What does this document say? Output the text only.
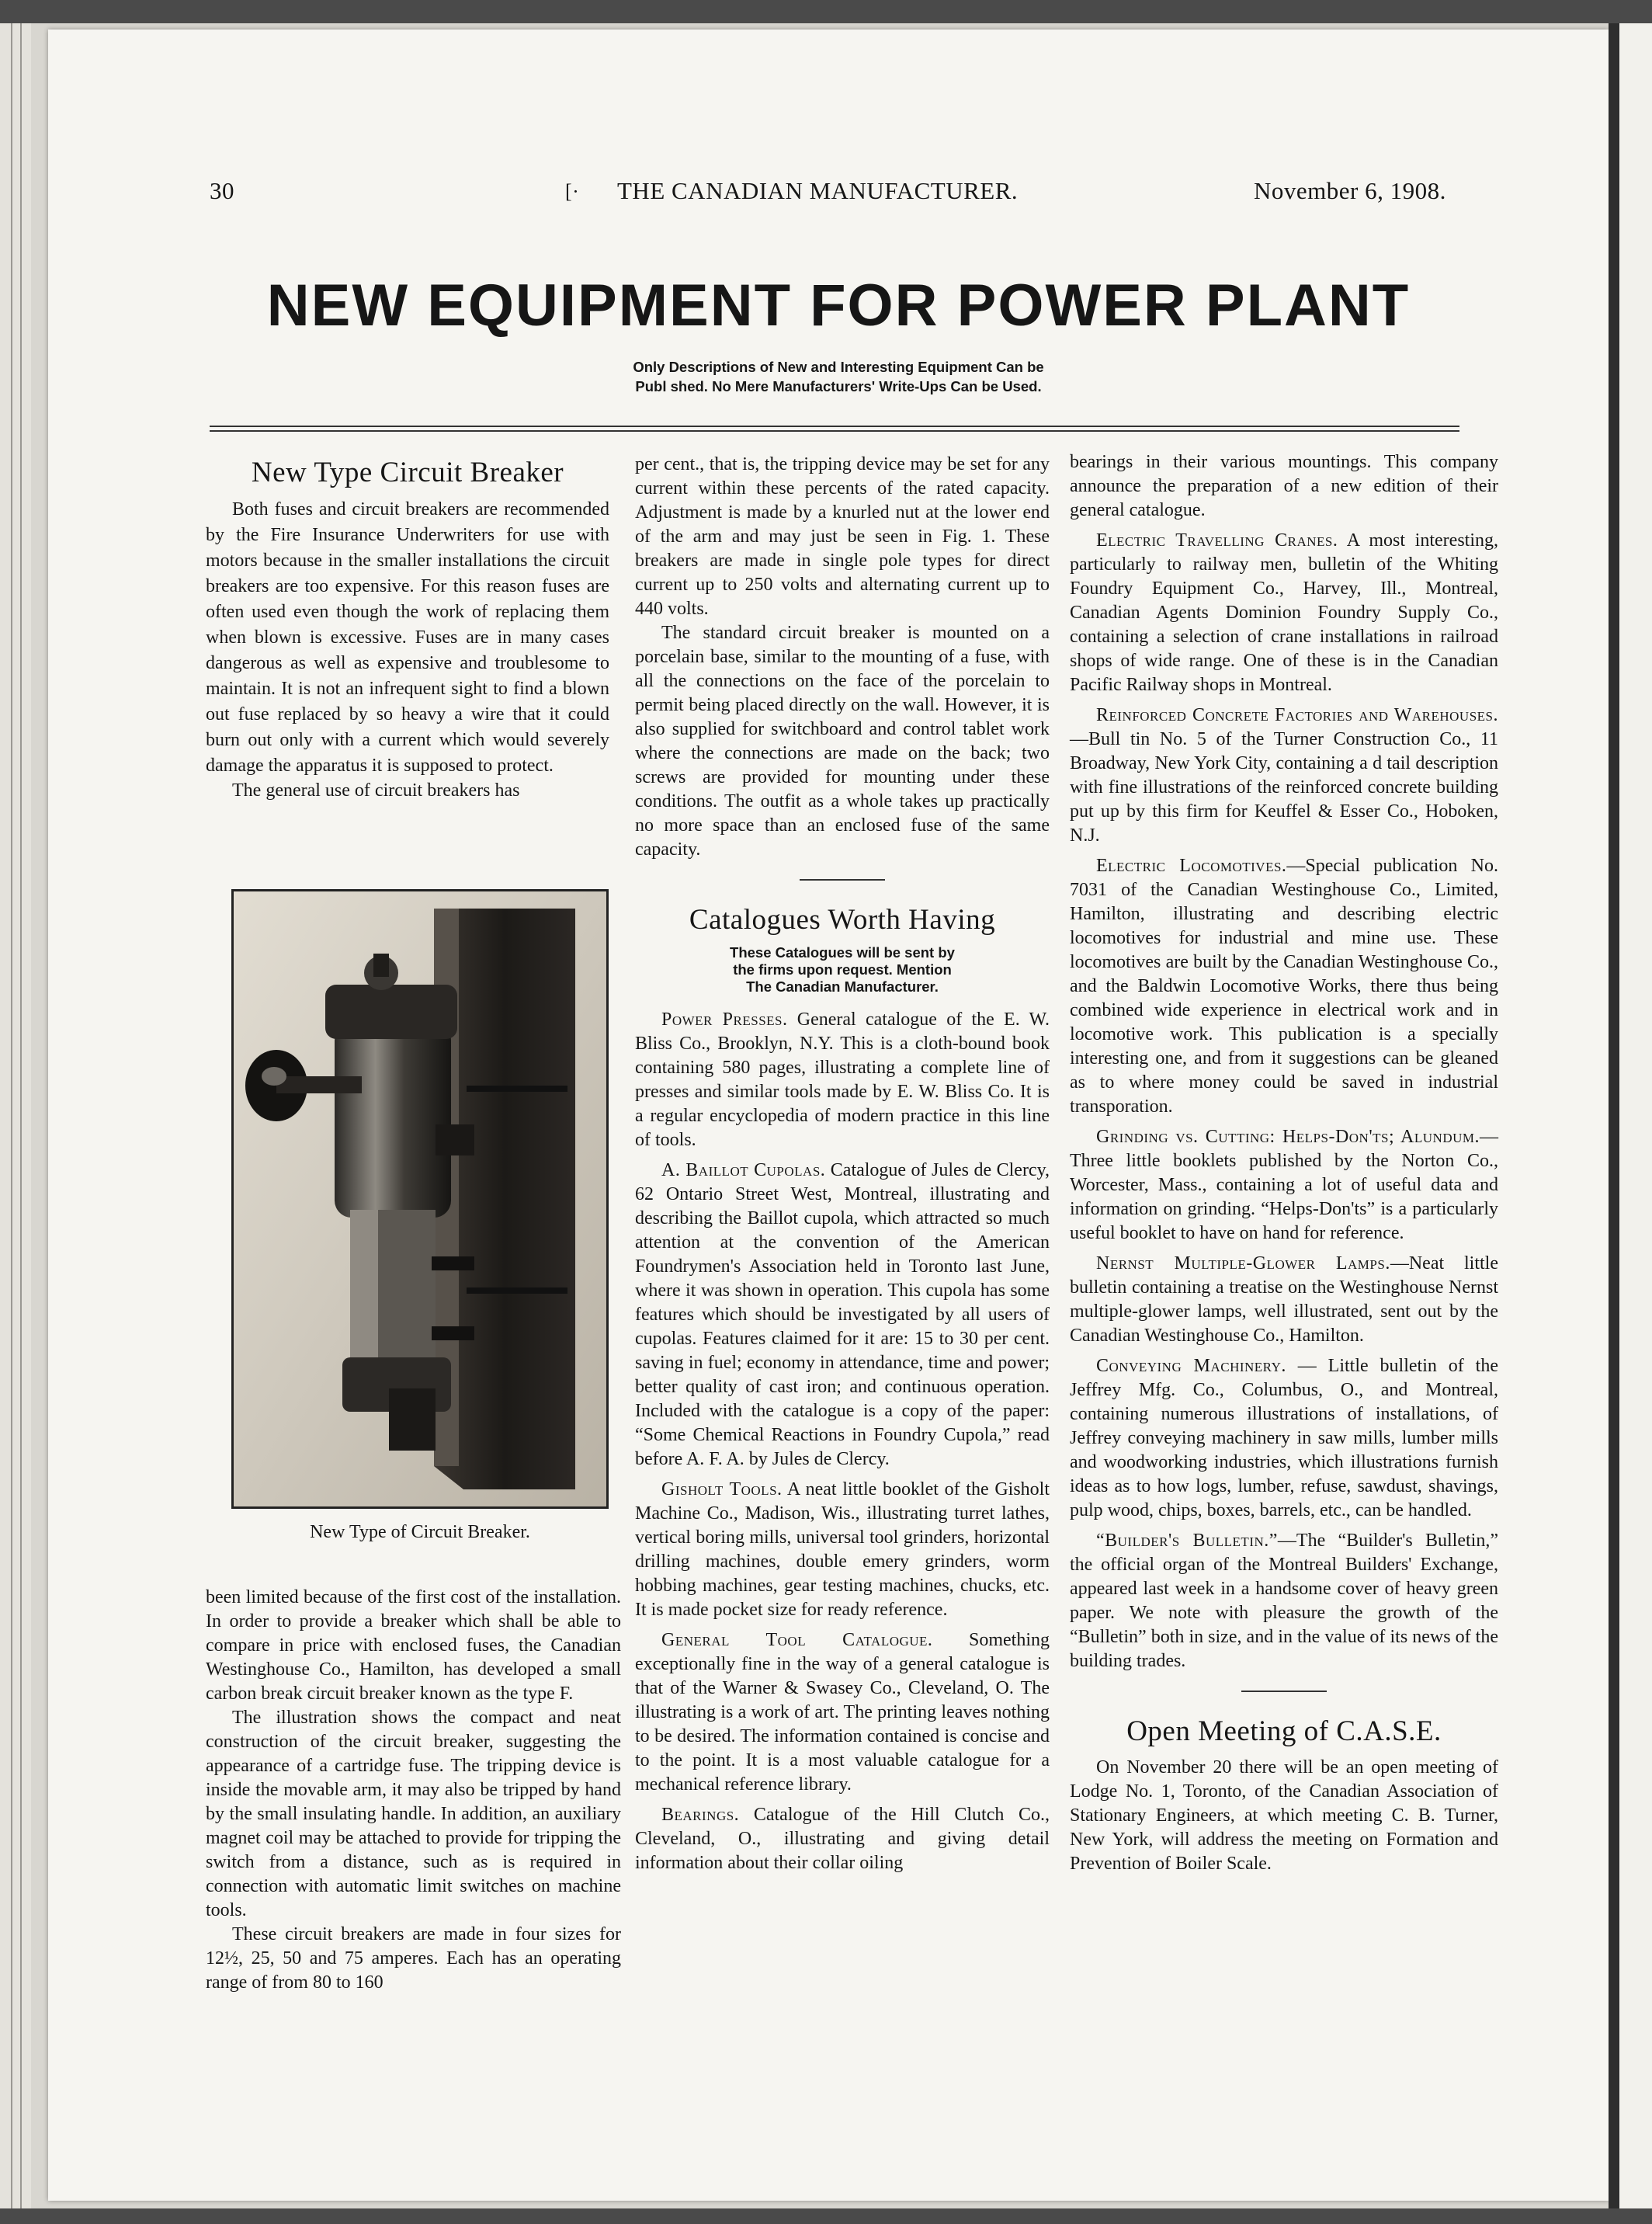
30	[· THE CANADIAN MANUFACTURER.	November 6, 1908.
NEW EQUIPMENT FOR POWER PLANT
Only Descriptions of New and Interesting Equipment Can be
Publ shed. No Mere Manufacturers' Write-Ups Can be Used.
New Type Circuit Breaker

Both fuses and circuit breakers are recommended by the Fire Insurance Underwriters for use with motors because in the smaller installations the circuit breakers are too expensive. For this reason fuses are often used even though the work of replacing them when blown is excessive. Fuses are in many cases dangerous as well as expensive and troublesome to maintain. It is not an infrequent sight to find a blown out fuse replaced by so heavy a wire that it could burn out only with a current which would severely damage the apparatus it is supposed to protect.

The general use of circuit breakers has

New Type of Circuit Breaker.

been limited because of the first cost of the installation. In order to provide a breaker which shall be able to compare in price with enclosed fuses, the Canadian Westinghouse Co., Hamilton, has developed a small carbon break circuit breaker known as the type F.

The illustration shows the compact and neat construction of the circuit breaker, suggesting the appearance of a cartridge fuse. The tripping device is inside the movable arm, it may also be tripped by hand by the small insulating handle. In addition, an auxiliary magnet coil may be attached to provide for tripping the switch from a distance, such as is required in connection with automatic limit switches on machine tools.

These circuit breakers are made in four sizes for 12½, 25, 50 and 75 amperes. Each has an operating range of from 80 to 160

per cent., that is, the tripping device may be set for any current within these percents of the rated capacity. Adjustment is made by a knurled nut at the lower end of the arm and may just be seen in Fig. 1. These breakers are made in single pole types for direct current up to 250 volts and alternating current up to 440 volts.

The standard circuit breaker is mounted on a porcelain base, similar to the mounting of a fuse, with all the connections on the face of the porcelain to permit being placed directly on the wall. However, it is also supplied for switchboard and control tablet work where the connections are made on the back; two screws are provided for mounting under these conditions. The outfit as a whole takes up practically no more space than an enclosed fuse of the same capacity.

Catalogues Worth Having
These Catalogues will be sent by
the firms upon request. Mention
The Canadian Manufacturer.

Power Presses. General catalogue of the E. W. Bliss Co., Brooklyn, N.Y. This is a cloth-bound book containing 580 pages, illustrating a complete line of presses and similar tools made by E. W. Bliss Co. It is a regular encyclopedia of modern practice in this line of tools.

A. Baillot Cupolas. Catalogue of Jules de Clercy, 62 Ontario Street West, Montreal, illustrating and describing the Baillot cupola, which attracted so much attention at the convention of the American Foundrymen's Association held in Toronto last June, where it was shown in operation. This cupola has some features which should be investigated by all users of cupolas. Features claimed for it are: 15 to 30 per cent. saving in fuel; economy in attendance, time and power; better quality of cast iron; and continuous operation. Included with the catalogue is a copy of the paper: “Some Chemical Reactions in Foundry Cupola,” read before A. F. A. by Jules de Clercy.

Gisholt Tools. A neat little booklet of the Gisholt Machine Co., Madison, Wis., illustrating turret lathes, vertical boring mills, universal tool grinders, horizontal drilling machines, double emery grinders, worm hobbing machines, gear testing machines, chucks, etc. It is made pocket size for ready reference.

General Tool Catalogue. Something exceptionally fine in the way of a general catalogue is that of the Warner & Swasey Co., Cleveland, O. The illustrating is a work of art. The printing leaves nothing to be desired. The information contained is concise and to the point. It is a most valuable catalogue for a mechanical reference library.

Bearings. Catalogue of the Hill Clutch Co., Cleveland, O., illustrating and giving detail information about their collar oiling

bearings in their various mountings. This company announce the preparation of a new edition of their general catalogue.

Electric Travelling Cranes. A most interesting, particularly to railway men, bulletin of the Whiting Foundry Equipment Co., Harvey, Ill., Montreal, Canadian Agents Dominion Foundry Supply Co., containing a selection of crane installations in railroad shops of wide range. One of these is in the Canadian Pacific Railway shops in Montreal.

Reinforced Concrete Factories and Warehouses.—Bull tin No. 5 of the Turner Construction Co., 11 Broadway, New York City, containing a d tail description with fine illustrations of the reinforced concrete building put up by this firm for Keuffel & Esser Co., Hoboken, N.J.

Electric Locomotives.—Special publication No. 7031 of the Canadian Westinghouse Co., Limited, Hamilton, illustrating and describing electric locomotives for industrial and mine use. These locomotives are built by the Canadian Westinghouse Co., and the Baldwin Locomotive Works, there thus being combined wide experience in electrical work and in locomotive work. This publication is a specially interesting one, and from it suggestions can be gleaned as to where money could be saved in industrial transporation.

Grinding vs. Cutting: Helps-Don'ts; Alundum.—Three little booklets published by the Norton Co., Worcester, Mass., containing a lot of useful data and information on grinding. “Helps-Don'ts” is a particularly useful booklet to have on hand for reference.

Nernst Multiple-Glower Lamps.—Neat little bulletin containing a treatise on the Westinghouse Nernst multiple-glower lamps, well illustrated, sent out by the Canadian Westinghouse Co., Hamilton.

Conveying Machinery. — Little bulletin of the Jeffrey Mfg. Co., Columbus, O., and Montreal, containing numerous illustrations of installations, of Jeffrey conveying machinery in saw mills, lumber mills and woodworking industries, which illustrations furnish ideas as to how logs, lumber, refuse, sawdust, shavings, pulp wood, chips, boxes, barrels, etc., can be handled.

“Builder's Bulletin.”—The “Builder's Bulletin,” the official organ of the Montreal Builders' Exchange, appeared last week in a handsome cover of heavy green paper. We note with pleasure the growth of the “Bulletin” both in size, and in the value of its news of the building trades.

Open Meeting of C.A.S.E.

On November 20 there will be an open meeting of Lodge No. 1, Toronto, of the Canadian Association of Stationary Engineers, at which meeting C. B. Turner, New York, will address the meeting on Formation and Prevention of Boiler Scale.
